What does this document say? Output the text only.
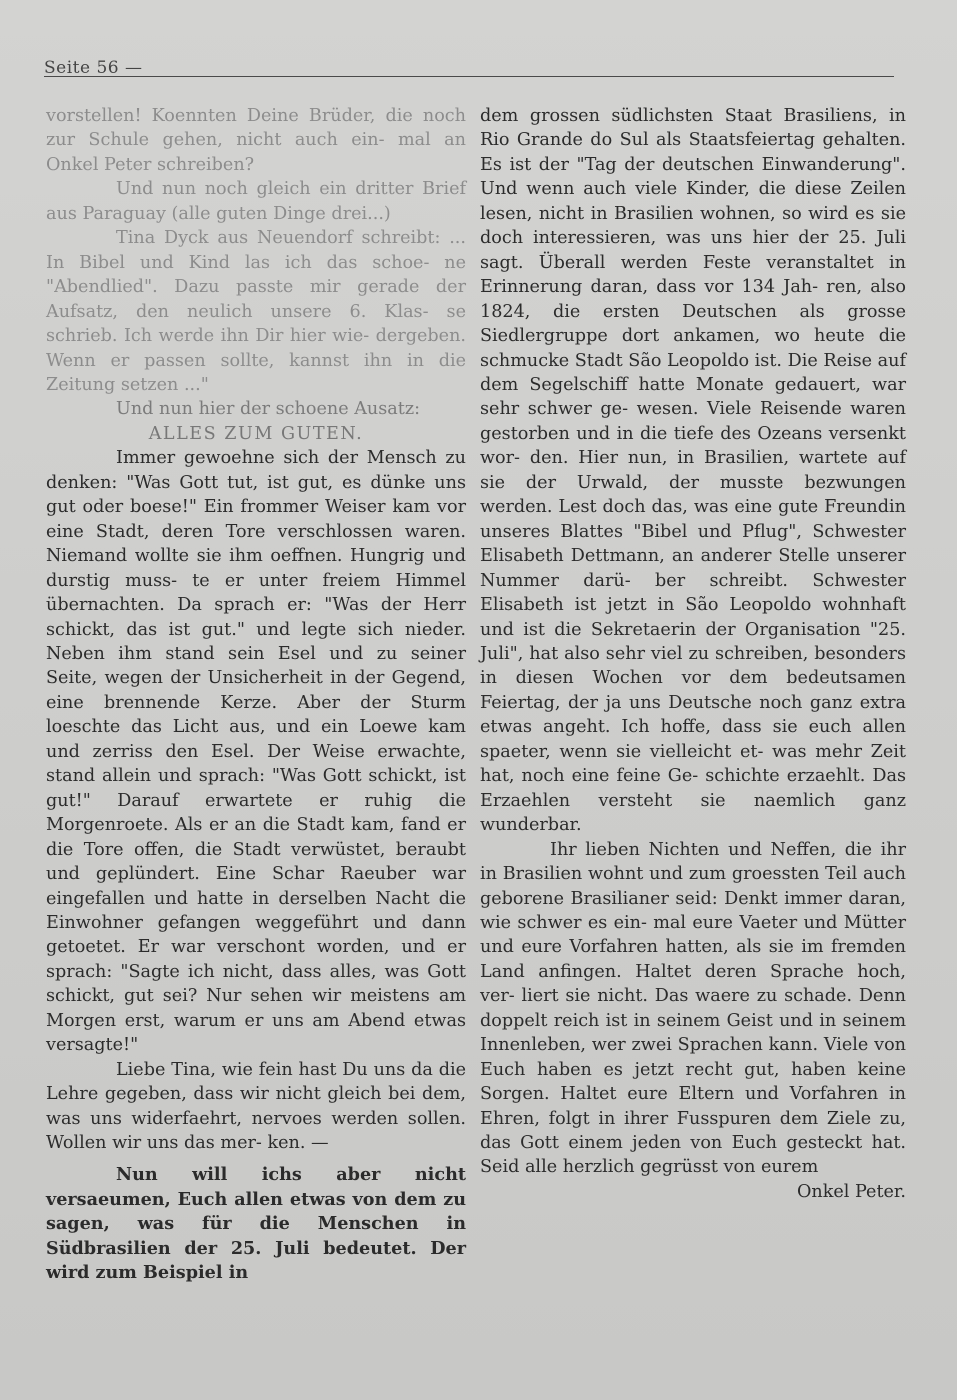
Seite 56 —

vorstellen! Koennten Deine Brüder, die noch zur Schule gehen, nicht auch ein- mal an Onkel Peter schreiben?

Und nun noch gleich ein dritter Brief aus Paraguay (alle guten Dinge drei...)

Tina Dyck aus Neuendorf schreibt: ... In Bibel und Kind las ich das schoe- ne "Abendlied". Dazu passte mir gerade der Aufsatz, den neulich unsere 6. Klas- se schrieb. Ich werde ihn Dir hier wie- dergeben. Wenn er passen sollte, kannst ihn in die Zeitung setzen ..."

Und nun hier der schoene Ausatz:

ALLES ZUM GUTEN.

Immer gewoehne sich der Mensch zu denken: "Was Gott tut, ist gut, es dünke uns gut oder boese!" Ein frommer Weiser kam vor eine Stadt, deren Tore verschlossen waren. Niemand wollte sie ihm oeffnen. Hungrig und durstig muss- te er unter freiem Himmel übernachten. Da sprach er: "Was der Herr schickt, das ist gut." und legte sich nieder. Neben ihm stand sein Esel und zu seiner Seite, wegen der Unsicherheit in der Gegend, eine brennende Kerze. Aber der Sturm loeschte das Licht aus, und ein Loewe kam und zerriss den Esel. Der Weise erwachte, stand allein und sprach: "Was Gott schickt, ist gut!" Darauf erwartete er ruhig die Morgenroete. Als er an die Stadt kam, fand er die Tore offen, die Stadt verwüstet, beraubt und geplündert. Eine Schar Raeuber war eingefallen und hatte in derselben Nacht die Einwohner gefangen weggeführt und dann getoetet. Er war verschont worden, und er sprach: "Sagte ich nicht, dass alles, was Gott schickt, gut sei? Nur sehen wir meistens am Morgen erst, warum er uns am Abend etwas versagte!"

Liebe Tina, wie fein hast Du uns da die Lehre gegeben, dass wir nicht gleich bei dem, was uns widerfaehrt, nervoes werden sollen. Wollen wir uns das mer- ken. —

Nun will ichs aber nicht versaeumen, Euch allen etwas von dem zu sagen, was für die Menschen in Südbrasilien der 25. Juli bedeutet. Der wird zum Beispiel in

dem grossen südlichsten Staat Brasiliens, in Rio Grande do Sul als Staatsfeiertag gehalten. Es ist der "Tag der deutschen Einwanderung". Und wenn auch viele Kinder, die diese Zeilen lesen, nicht in Brasilien wohnen, so wird es sie doch interessieren, was uns hier der 25. Juli sagt. Überall werden Feste veranstaltet in Erinnerung daran, dass vor 134 Jah- ren, also 1824, die ersten Deutschen als grosse Siedlergruppe dort ankamen, wo heute die schmucke Stadt São Leopoldo ist. Die Reise auf dem Segelschiff hatte Monate gedauert, war sehr schwer ge- wesen. Viele Reisende waren gestorben und in die tiefe des Ozeans versenkt wor- den. Hier nun, in Brasilien, wartete auf sie der Urwald, der musste bezwungen werden. Lest doch das, was eine gute Freundin unseres Blattes "Bibel und Pflug", Schwester Elisabeth Dettmann, an anderer Stelle unserer Nummer darü- ber schreibt. Schwester Elisabeth ist jetzt in São Leopoldo wohnhaft und ist die Sekretaerin der Organisation "25. Juli", hat also sehr viel zu schreiben, besonders in diesen Wochen vor dem bedeutsamen Feiertag, der ja uns Deutsche noch ganz extra etwas angeht. Ich hoffe, dass sie euch allen spaeter, wenn sie vielleicht et- was mehr Zeit hat, noch eine feine Ge- schichte erzaehlt. Das Erzaehlen versteht sie naemlich ganz wunderbar.

Ihr lieben Nichten und Neffen, die ihr in Brasilien wohnt und zum groessten Teil auch geborene Brasilianer seid: Denkt immer daran, wie schwer es ein- mal eure Vaeter und Mütter und eure Vorfahren hatten, als sie im fremden Land anfingen. Haltet deren Sprache hoch, ver- liert sie nicht. Das waere zu schade. Denn doppelt reich ist in seinem Geist und in seinem Innenleben, wer zwei Sprachen kann. Viele von Euch haben es jetzt recht gut, haben keine Sorgen. Haltet eure Eltern und Vorfahren in Ehren, folgt in ihrer Fusspuren dem Ziele zu, das Gott einem jeden von Euch gesteckt hat. Seid alle herzlich gegrüsst von eurem

Onkel Peter.
